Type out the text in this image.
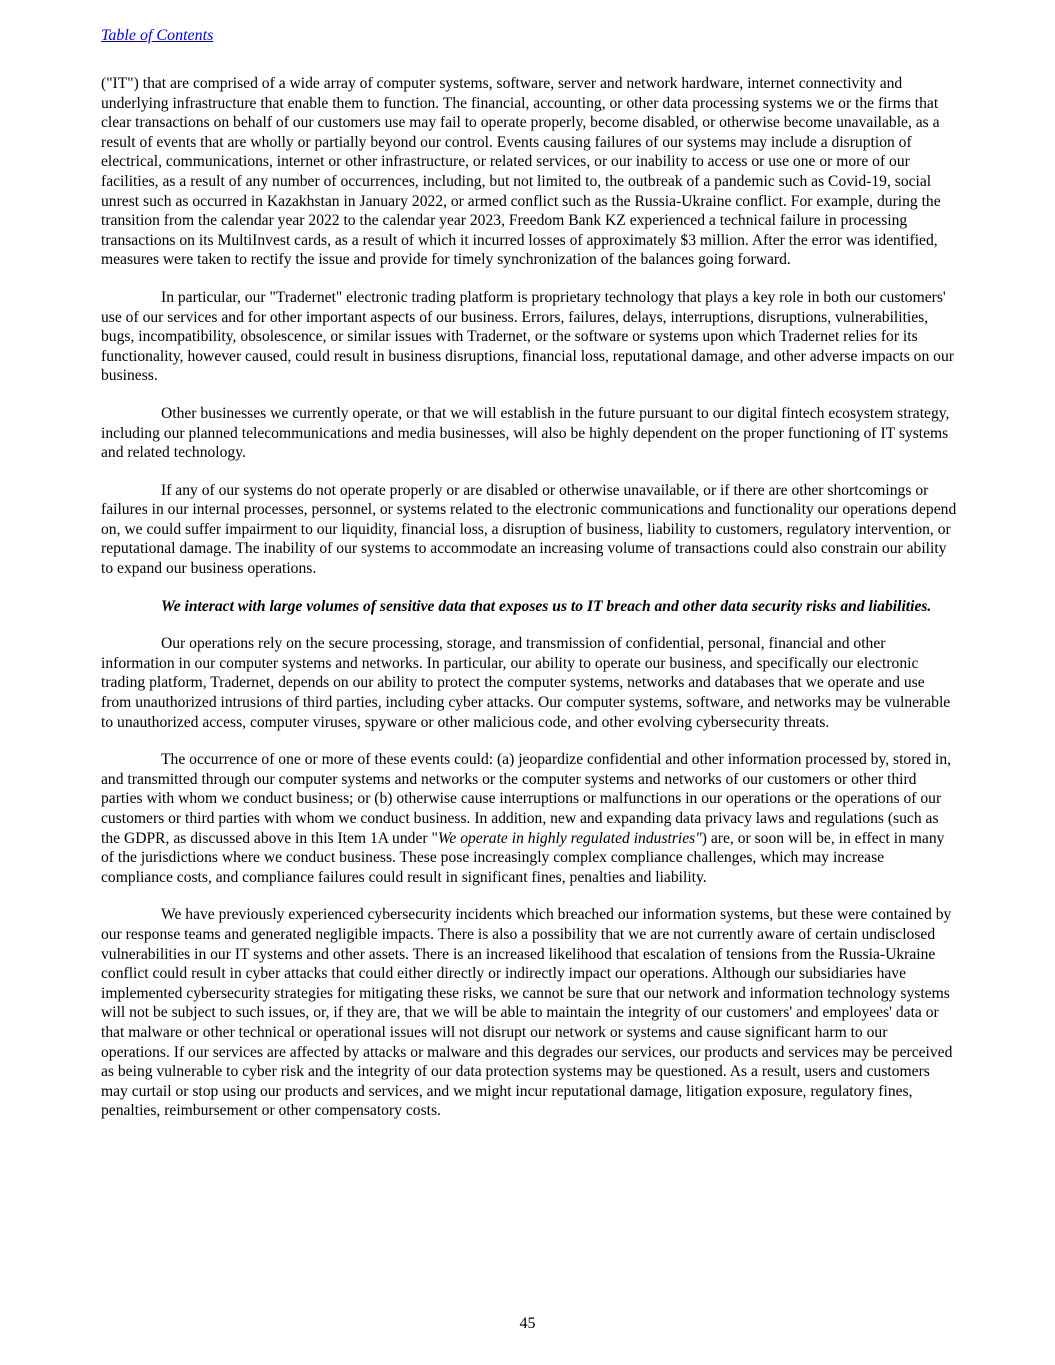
Table of Contents

("IT") that are comprised of a wide array of computer systems, software, server and network hardware, internet connectivity and underlying infrastructure that enable them to function. The financial, accounting, or other data processing systems we or the firms that clear transactions on behalf of our customers use may fail to operate properly, become disabled, or otherwise become unavailable, as a result of events that are wholly or partially beyond our control. Events causing failures of our systems may include a disruption of electrical, communications, internet or other infrastructure, or related services, or our inability to access or use one or more of our facilities, as a result of any number of occurrences, including, but not limited to, the outbreak of a pandemic such as Covid-19, social unrest such as occurred in Kazakhstan in January 2022, or armed conflict such as the Russia-Ukraine conflict. For example, during the transition from the calendar year 2022 to the calendar year 2023, Freedom Bank KZ experienced a technical failure in processing transactions on its MultiInvest cards, as a result of which it incurred losses of approximately $3 million. After the error was identified, measures were taken to rectify the issue and provide for timely synchronization of the balances going forward.

In particular, our "Tradernet" electronic trading platform is proprietary technology that plays a key role in both our customers' use of our services and for other important aspects of our business. Errors, failures, delays, interruptions, disruptions, vulnerabilities, bugs, incompatibility, obsolescence, or similar issues with Tradernet, or the software or systems upon which Tradernet relies for its functionality, however caused, could result in business disruptions, financial loss, reputational damage, and other adverse impacts on our business.

Other businesses we currently operate, or that we will establish in the future pursuant to our digital fintech ecosystem strategy, including our planned telecommunications and media businesses, will also be highly dependent on the proper functioning of IT systems and related technology.

If any of our systems do not operate properly or are disabled or otherwise unavailable, or if there are other shortcomings or failures in our internal processes, personnel, or systems related to the electronic communications and functionality our operations depend on, we could suffer impairment to our liquidity, financial loss, a disruption of business, liability to customers, regulatory intervention, or reputational damage. The inability of our systems to accommodate an increasing volume of transactions could also constrain our ability to expand our business operations.

We interact with large volumes of sensitive data that exposes us to IT breach and other data security risks and liabilities.

Our operations rely on the secure processing, storage, and transmission of confidential, personal, financial and other information in our computer systems and networks. In particular, our ability to operate our business, and specifically our electronic trading platform, Tradernet, depends on our ability to protect the computer systems, networks and databases that we operate and use from unauthorized intrusions of third parties, including cyber attacks. Our computer systems, software, and networks may be vulnerable to unauthorized access, computer viruses, spyware or other malicious code, and other evolving cybersecurity threats.

The occurrence of one or more of these events could: (a) jeopardize confidential and other information processed by, stored in, and transmitted through our computer systems and networks or the computer systems and networks of our customers or other third parties with whom we conduct business; or (b) otherwise cause interruptions or malfunctions in our operations or the operations of our customers or third parties with whom we conduct business. In addition, new and expanding data privacy laws and regulations (such as the GDPR, as discussed above in this Item 1A under "We operate in highly regulated industries") are, or soon will be, in effect in many of the jurisdictions where we conduct business. These pose increasingly complex compliance challenges, which may increase compliance costs, and compliance failures could result in significant fines, penalties and liability.

We have previously experienced cybersecurity incidents which breached our information systems, but these were contained by our response teams and generated negligible impacts. There is also a possibility that we are not currently aware of certain undisclosed vulnerabilities in our IT systems and other assets. There is an increased likelihood that escalation of tensions from the Russia-Ukraine conflict could result in cyber attacks that could either directly or indirectly impact our operations. Although our subsidiaries have implemented cybersecurity strategies for mitigating these risks, we cannot be sure that our network and information technology systems will not be subject to such issues, or, if they are, that we will be able to maintain the integrity of our customers' and employees' data or that malware or other technical or operational issues will not disrupt our network or systems and cause significant harm to our operations. If our services are affected by attacks or malware and this degrades our services, our products and services may be perceived as being vulnerable to cyber risk and the integrity of our data protection systems may be questioned. As a result, users and customers may curtail or stop using our products and services, and we might incur reputational damage, litigation exposure, regulatory fines, penalties, reimbursement or other compensatory costs.

45
